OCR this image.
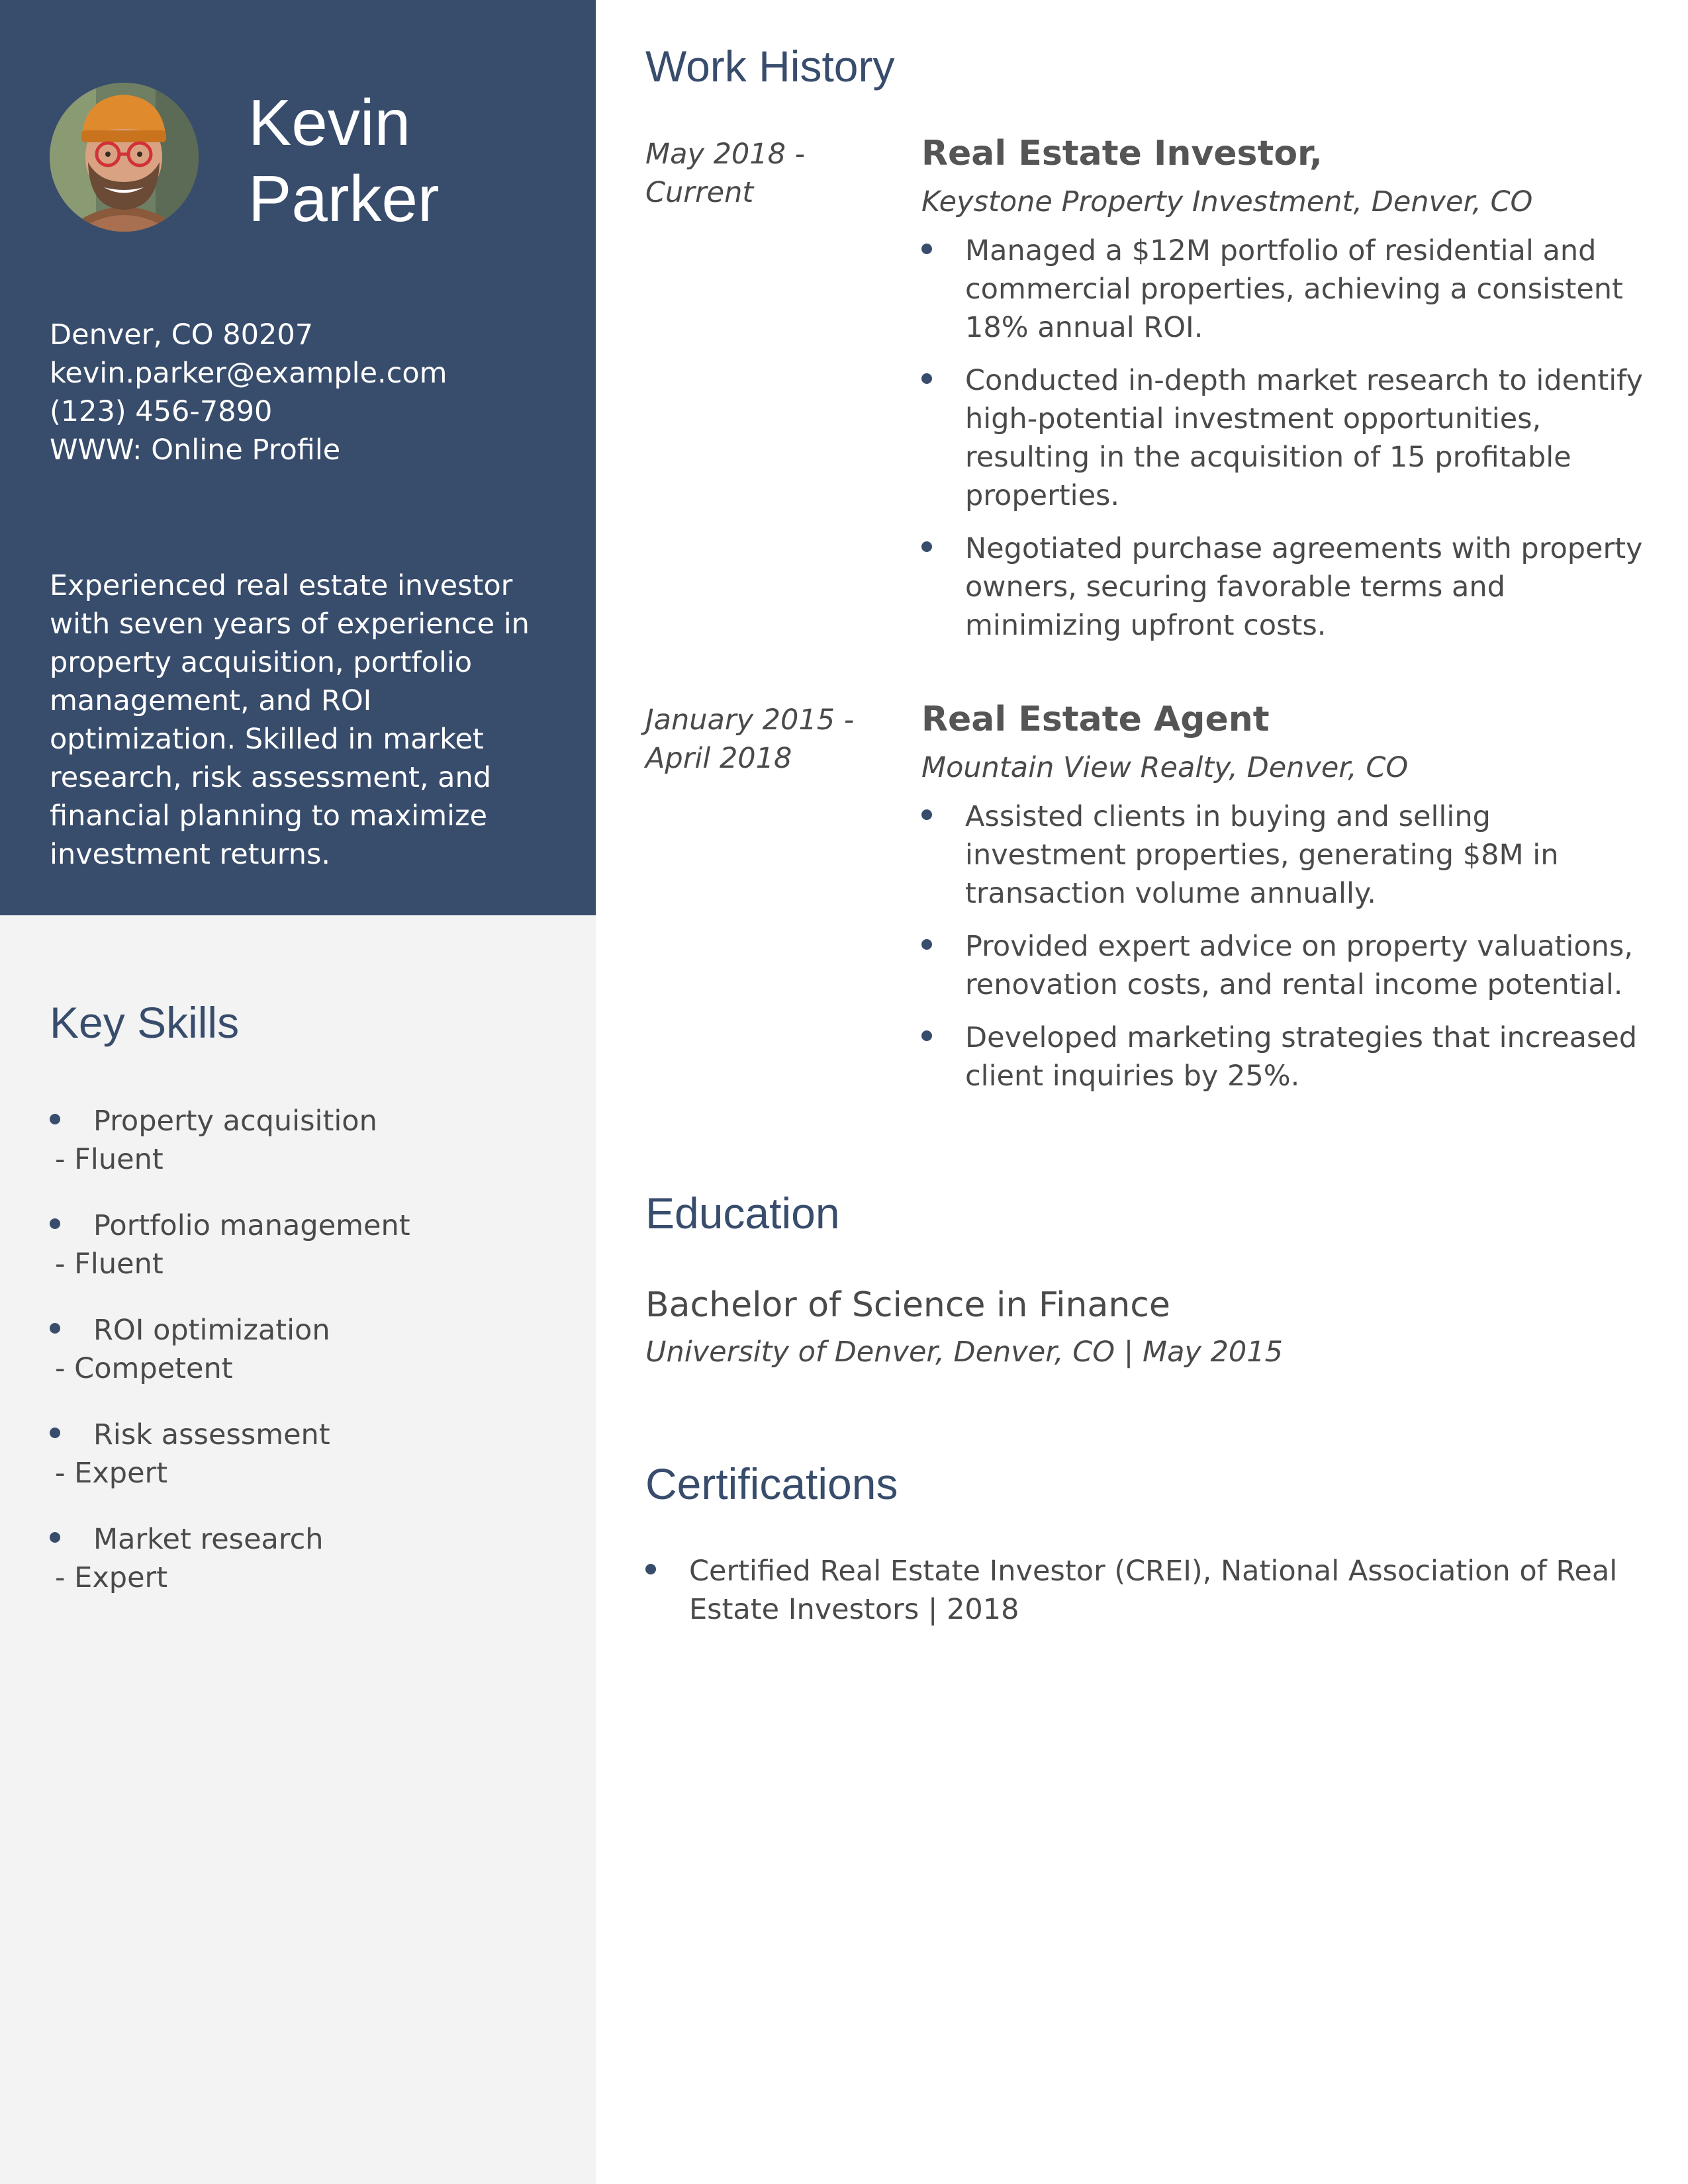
Kevin
Parker
Denver, CO 80207
kevin.parker@example.com
(123) 456-7890
WWW: Online Profile
Experienced real estate investor with seven years of experience in property acquisition, portfolio management, and ROI optimization. Skilled in market research, risk assessment, and financial planning to maximize investment returns.
Key Skills
Property acquisition
- Fluent
Portfolio management
- Fluent
ROI optimization
- Competent
Risk assessment
- Expert
Market research
- Expert
Work History
May 2018 - Current
Real Estate Investor,
Keystone Property Investment, Denver, CO
Managed a $12M portfolio of residential and commercial properties, achieving a consistent 18% annual ROI.
Conducted in-depth market research to identify high-potential investment opportunities, resulting in the acquisition of 15 profitable properties.
Negotiated purchase agreements with property owners, securing favorable terms and minimizing upfront costs.
January 2015 - April 2018
Real Estate Agent
Mountain View Realty, Denver, CO
Assisted clients in buying and selling investment properties, generating $8M in transaction volume annually.
Provided expert advice on property valuations, renovation costs, and rental income potential.
Developed marketing strategies that increased client inquiries by 25%.
Education
Bachelor of Science in Finance
University of Denver, Denver, CO | May 2015
Certifications
Certified Real Estate Investor (CREI), National Association of Real Estate Investors | 2018
